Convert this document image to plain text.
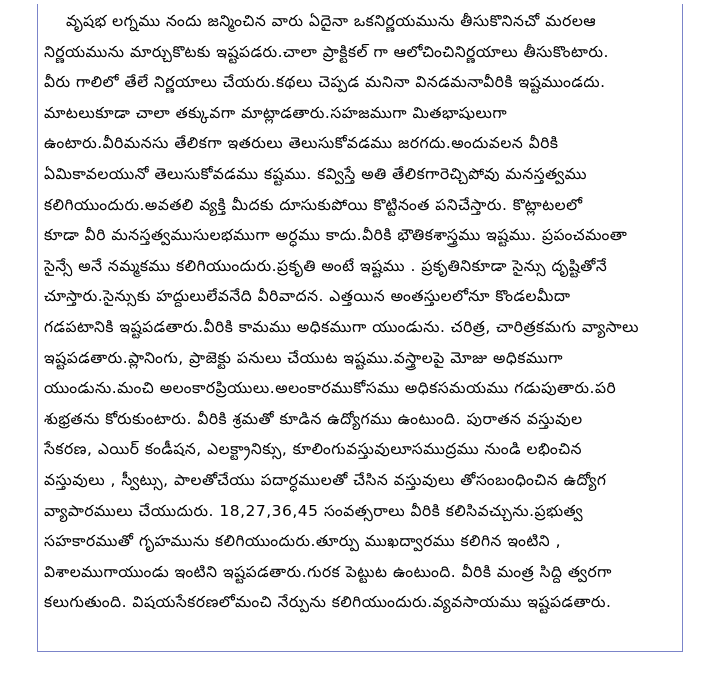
వృషభ లగ్నము నందు జన్మించిన వారు ఏదైనా ఒకనిర్ణయమును తీసుకొనినచో మరలఆ
నిర్ణయమును మార్చుకొటకు ఇష్టపడరు.చాలా ప్రాక్టికల్ గా ఆలోచించినిర్ణయాలు తీసుకొంటారు.
వీరు గాలిలో తేలే నిర్ణయాలు చేయరు.కథలు చెప్పడ మనినా వినడమనావీరికి ఇష్టముండదు.
మాటలుకూడా చాలా తక్కువగా మాట్లాడతారు.సహజముగా మితభాషులుగా
ఉంటారు.వీరిమనసు తేలికగా ఇతరులు తెలుసుకోవడము జరగదు.అందువలన వీరికి
ఏమికావలయునో తెలుసుకోవడము కష్టము. కవ్విస్తే అతి తేలికగారెచ్చిపోవు మనస్తత్వము
కలిగియుందురు.అవతలి వ్యక్తి మీదకు దూసుకుపోయి కొట్టినంత పనిచేస్తారు. కొట్లాటలలో
కూడా వీరి మనస్తత్వముసులభముగా అర్ధము కాదు.వీరికి భౌతికశాస్త్రము ఇష్టము. ప్రపంచమంతా
సైన్సే అనే నమ్మకము కలిగియుందురు.ప్రకృతి అంటే ఇష్టము . ప్రకృతినికూడా సైన్సు దృష్టితోనే
చూస్తారు.సైన్సుకు హద్దులులేవనేది వీరివాదన. ఎత్తయిన అంతస్తులలోనూ కొండలమీదా
గడపటానికి ఇష్టపడతారు.వీరికి కామము అధికముగా యుండును. చరిత్ర, చారిత్రకమగు వ్యాసాలు
ఇష్టపడతారు.ప్లానింగు, ప్రాజెక్టు పనులు చేయుట ఇష్టము.వస్త్రాలపై మోజు అధికముగా
యుండును.మంచి అలంకారప్రియులు.అలంకారముకోసము అధికసమయము గడుపుతారు.పరి
శుభ్రతను కోరుకుంటారు. వీరికి శ్రమతో కూడిన ఉద్యోగము ఉంటుంది. పురాతన వస్తువుల
సేకరణ, ఎయిర్ కండీషన, ఎలక్ట్రానిక్సు, కూలింగువస్తువులూసముద్రము నుండి లభించిన
వస్తువులు , స్వీట్సు, పాలతోచేయు పదార్ధములతో చేసిన వస్తువులు తోసంబంధించిన ఉద్యోగ
వ్యాపారములు చేయుదురు. 18,27,36,45 సంవత్సరాలు వీరికి కలిసివచ్చును.ప్రభుత్వ
సహకారముతో గృహమును కలిగియుందురు.తూర్పు ముఖద్వారము కలిగిన ఇంటిని ,
విశాలముగాయుండు ఇంటిని ఇష్టపడతారు.గురక పెట్టుట ఉంటుంది. వీరికి మంత్ర సిద్ది త్వరగా
కలుగుతుంది. విషయసేకరణలోమంచి నేర్పును కలిగియుందురు.వ్యవసాయము ఇష్టపడతారు.
